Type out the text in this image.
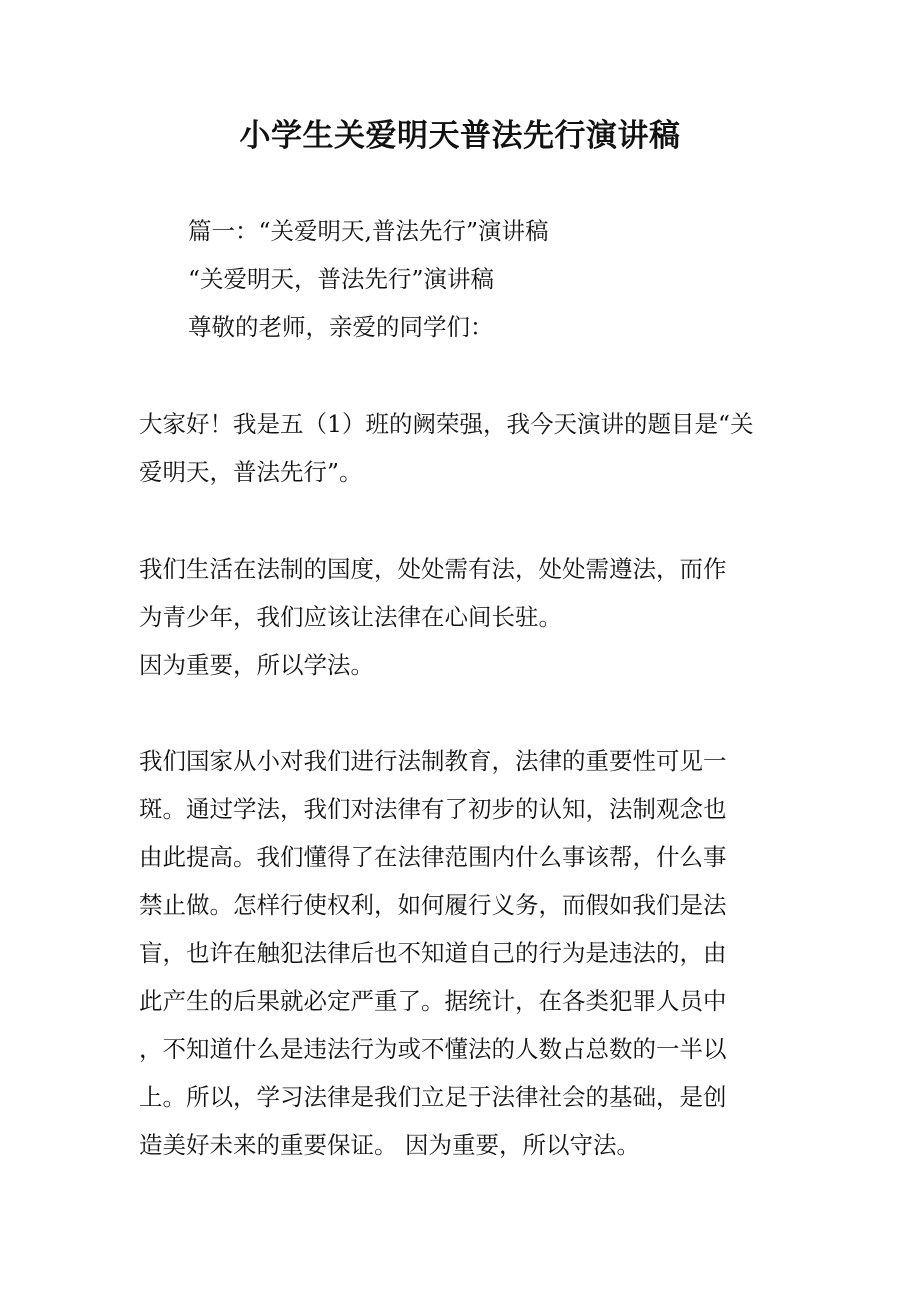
小学生关爱明天普法先行演讲稿
篇一：“关爱明天,普法先行”演讲稿
“关爱明天，普法先行”演讲稿
尊敬的老师，亲爱的同学们：
大家好！我是五（1）班的阙荣强，我今天演讲的题目是“关
爱明天，普法先行”。
我们生活在法制的国度，处处需有法，处处需遵法，而作
为青少年，我们应该让法律在心间长驻。
因为重要，所以学法。
我们国家从小对我们进行法制教育，法律的重要性可见一
斑。通过学法，我们对法律有了初步的认知，法制观念也
由此提高。我们懂得了在法律范围内什么事该帮，什么事
禁止做。怎样行使权利，如何履行义务，而假如我们是法
盲，也许在触犯法律后也不知道自己的行为是违法的，由
此产生的后果就必定严重了。据统计，在各类犯罪人员中
，不知道什么是违法行为或不懂法的人数占总数的一半以
上。所以，学习法律是我们立足于法律社会的基础，是创
造美好未来的重要保证。 因为重要，所以守法。
